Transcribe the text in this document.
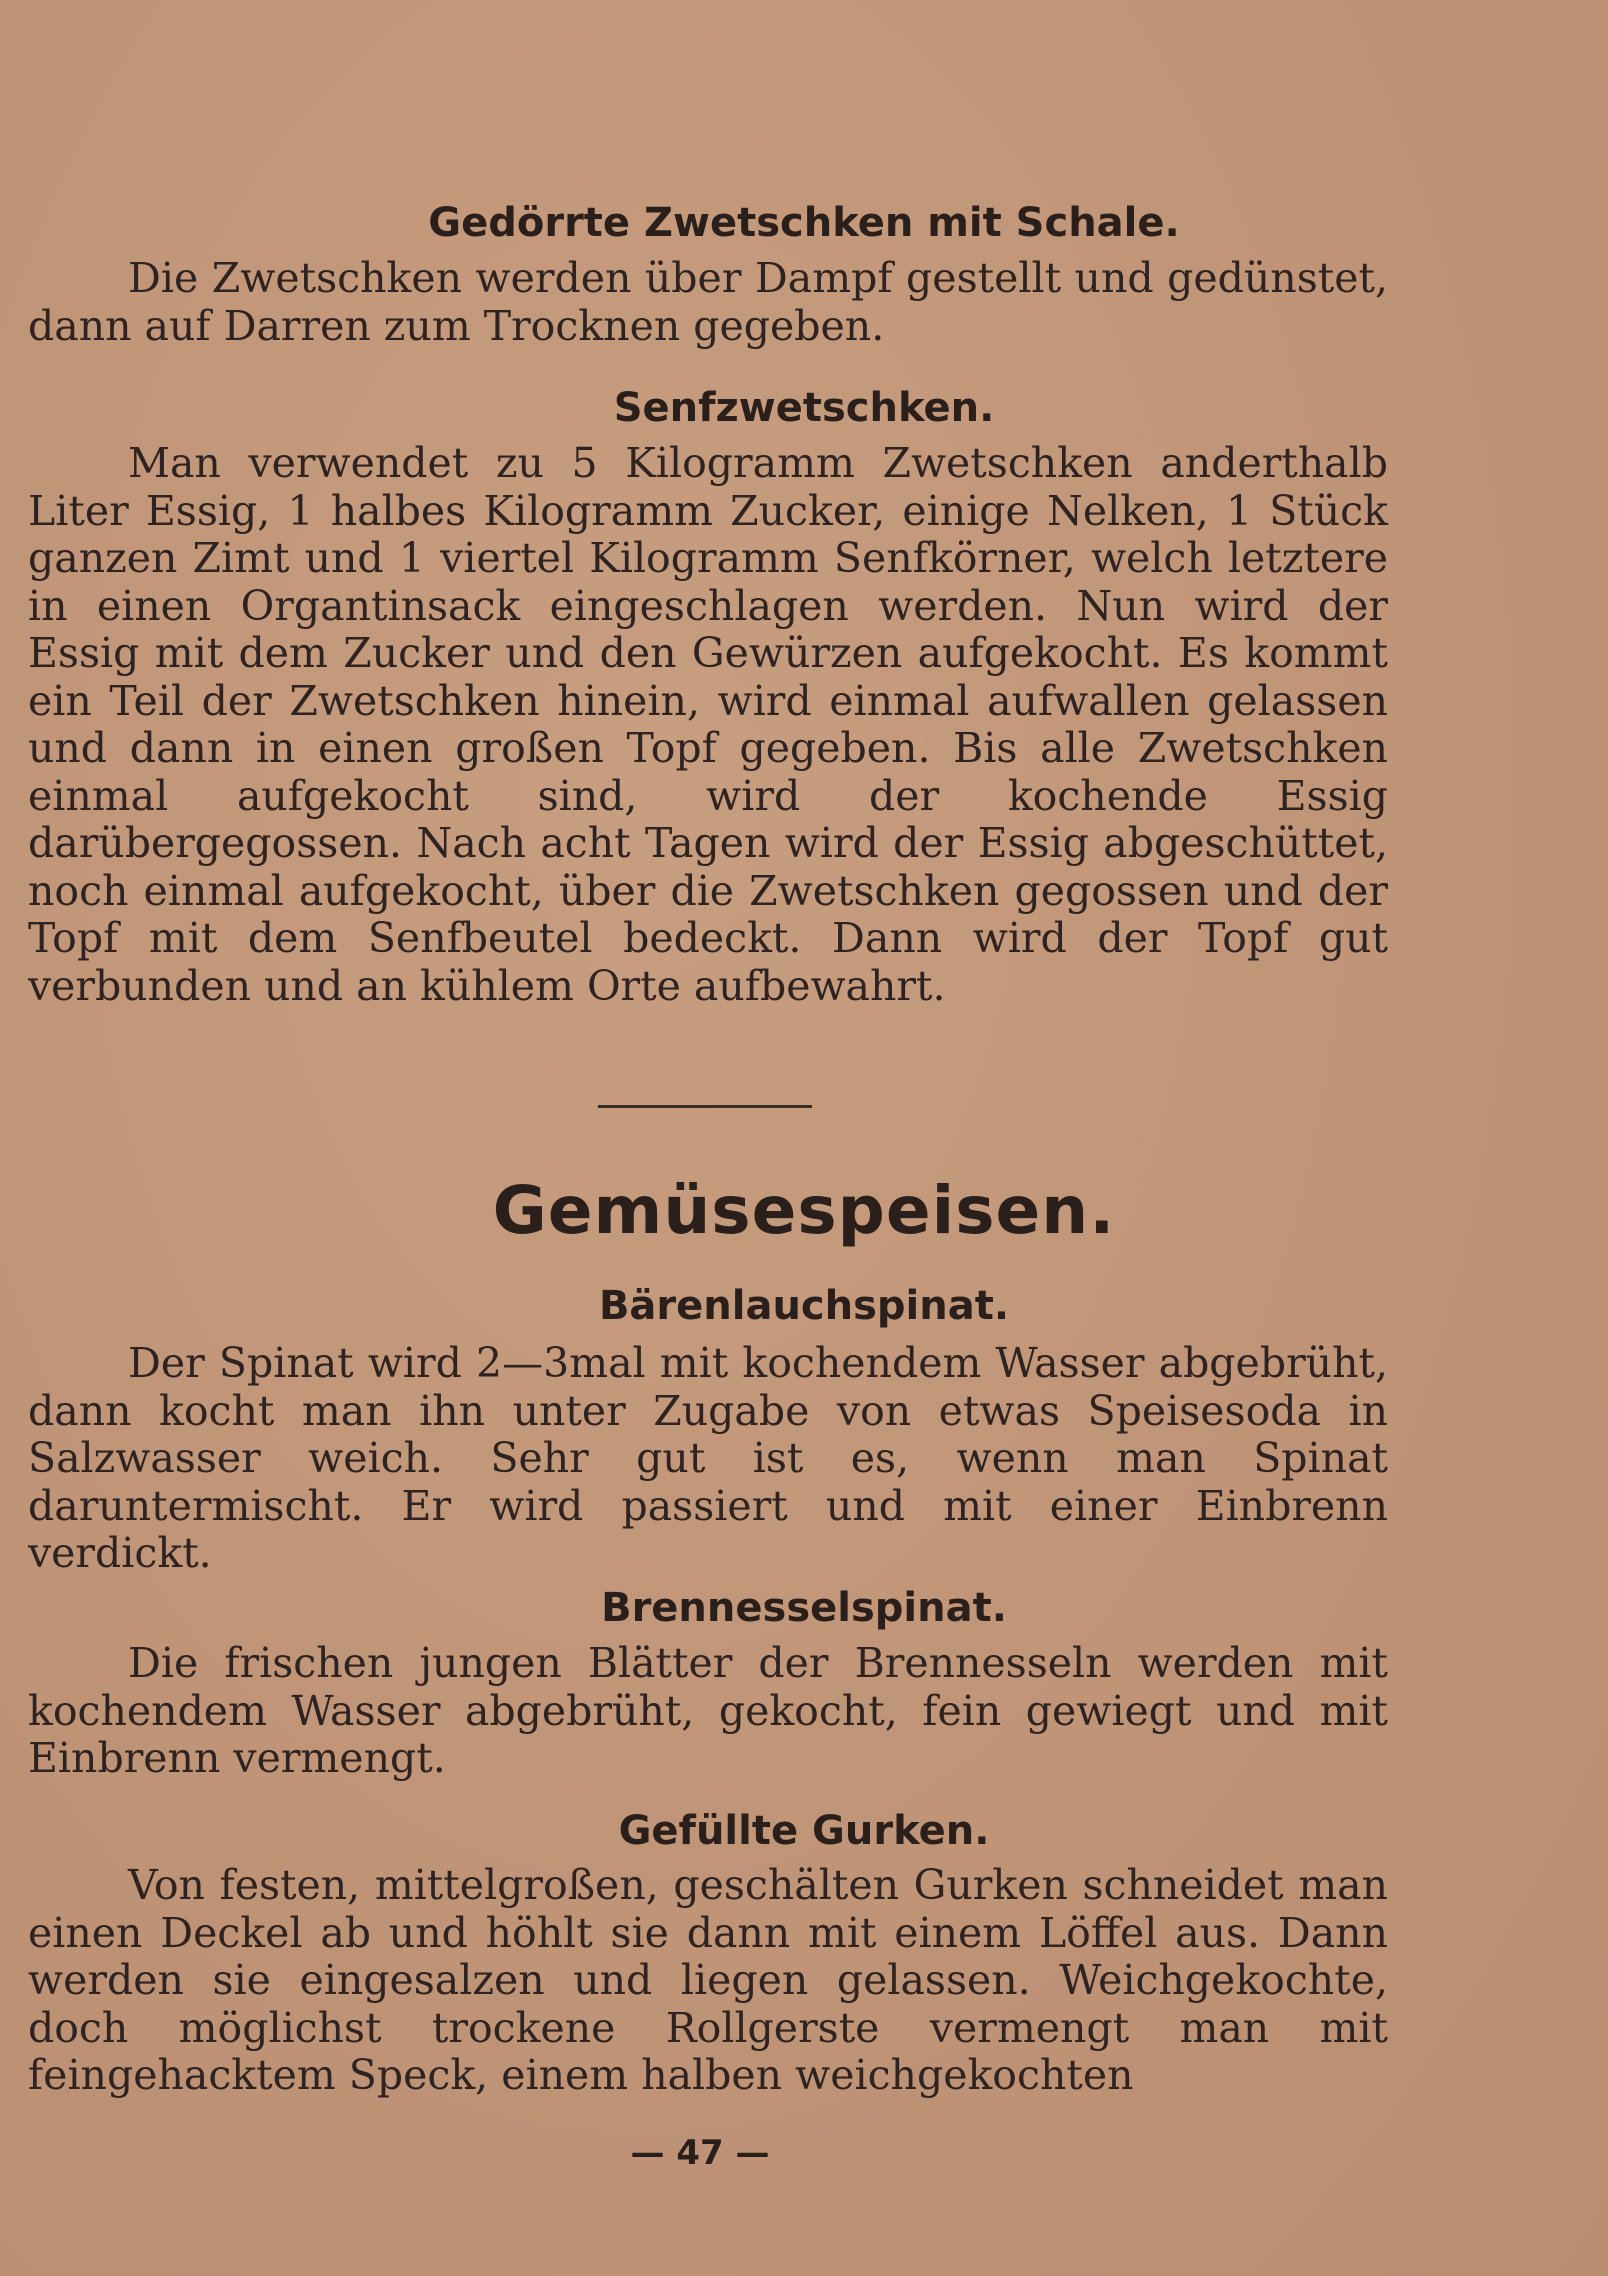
Gedörrte Zwetschken mit Schale.
Die Zwetschken werden über Dampf gestellt und gedünstet, dann auf Darren zum Trocknen gegeben.
Senfzwetschken.
Man verwendet zu 5 Kilogramm Zwetschken anderthalb Liter Essig, 1 halbes Kilogramm Zucker, einige Nelken, 1 Stück ganzen Zimt und 1 viertel Kilogramm Senfkörner, welch letztere in einen Organtinsack eingeschlagen werden. Nun wird der Essig mit dem Zucker und den Gewürzen aufgekocht. Es kommt ein Teil der Zwetschken hinein, wird einmal aufwallen gelassen und dann in einen großen Topf gegeben. Bis alle Zwetschken einmal aufgekocht sind, wird der kochende Essig darübergegossen. Nach acht Tagen wird der Essig abgeschüttet, noch einmal aufgekocht, über die Zwetschken gegossen und der Topf mit dem Senfbeutel bedeckt. Dann wird der Topf gut verbunden und an kühlem Orte aufbewahrt.
Gemüsespeisen.
Bärenlauchspinat.
Der Spinat wird 2—3mal mit kochendem Wasser abgebrüht, dann kocht man ihn unter Zugabe von etwas Speisesoda in Salzwasser weich. Sehr gut ist es, wenn man Spinat daruntermischt. Er wird passiert und mit einer Einbrenn verdickt.
Brennesselspinat.
Die frischen jungen Blätter der Brennesseln werden mit kochendem Wasser abgebrüht, gekocht, fein gewiegt und mit Einbrenn vermengt.
Gefüllte Gurken.
Von festen, mittelgroßen, geschälten Gurken schneidet man einen Deckel ab und höhlt sie dann mit einem Löffel aus. Dann werden sie eingesalzen und liegen gelassen. Weichgekochte, doch möglichst trockene Rollgerste vermengt man mit feingehacktem Speck, einem halben weichgekochten
— 47 —
